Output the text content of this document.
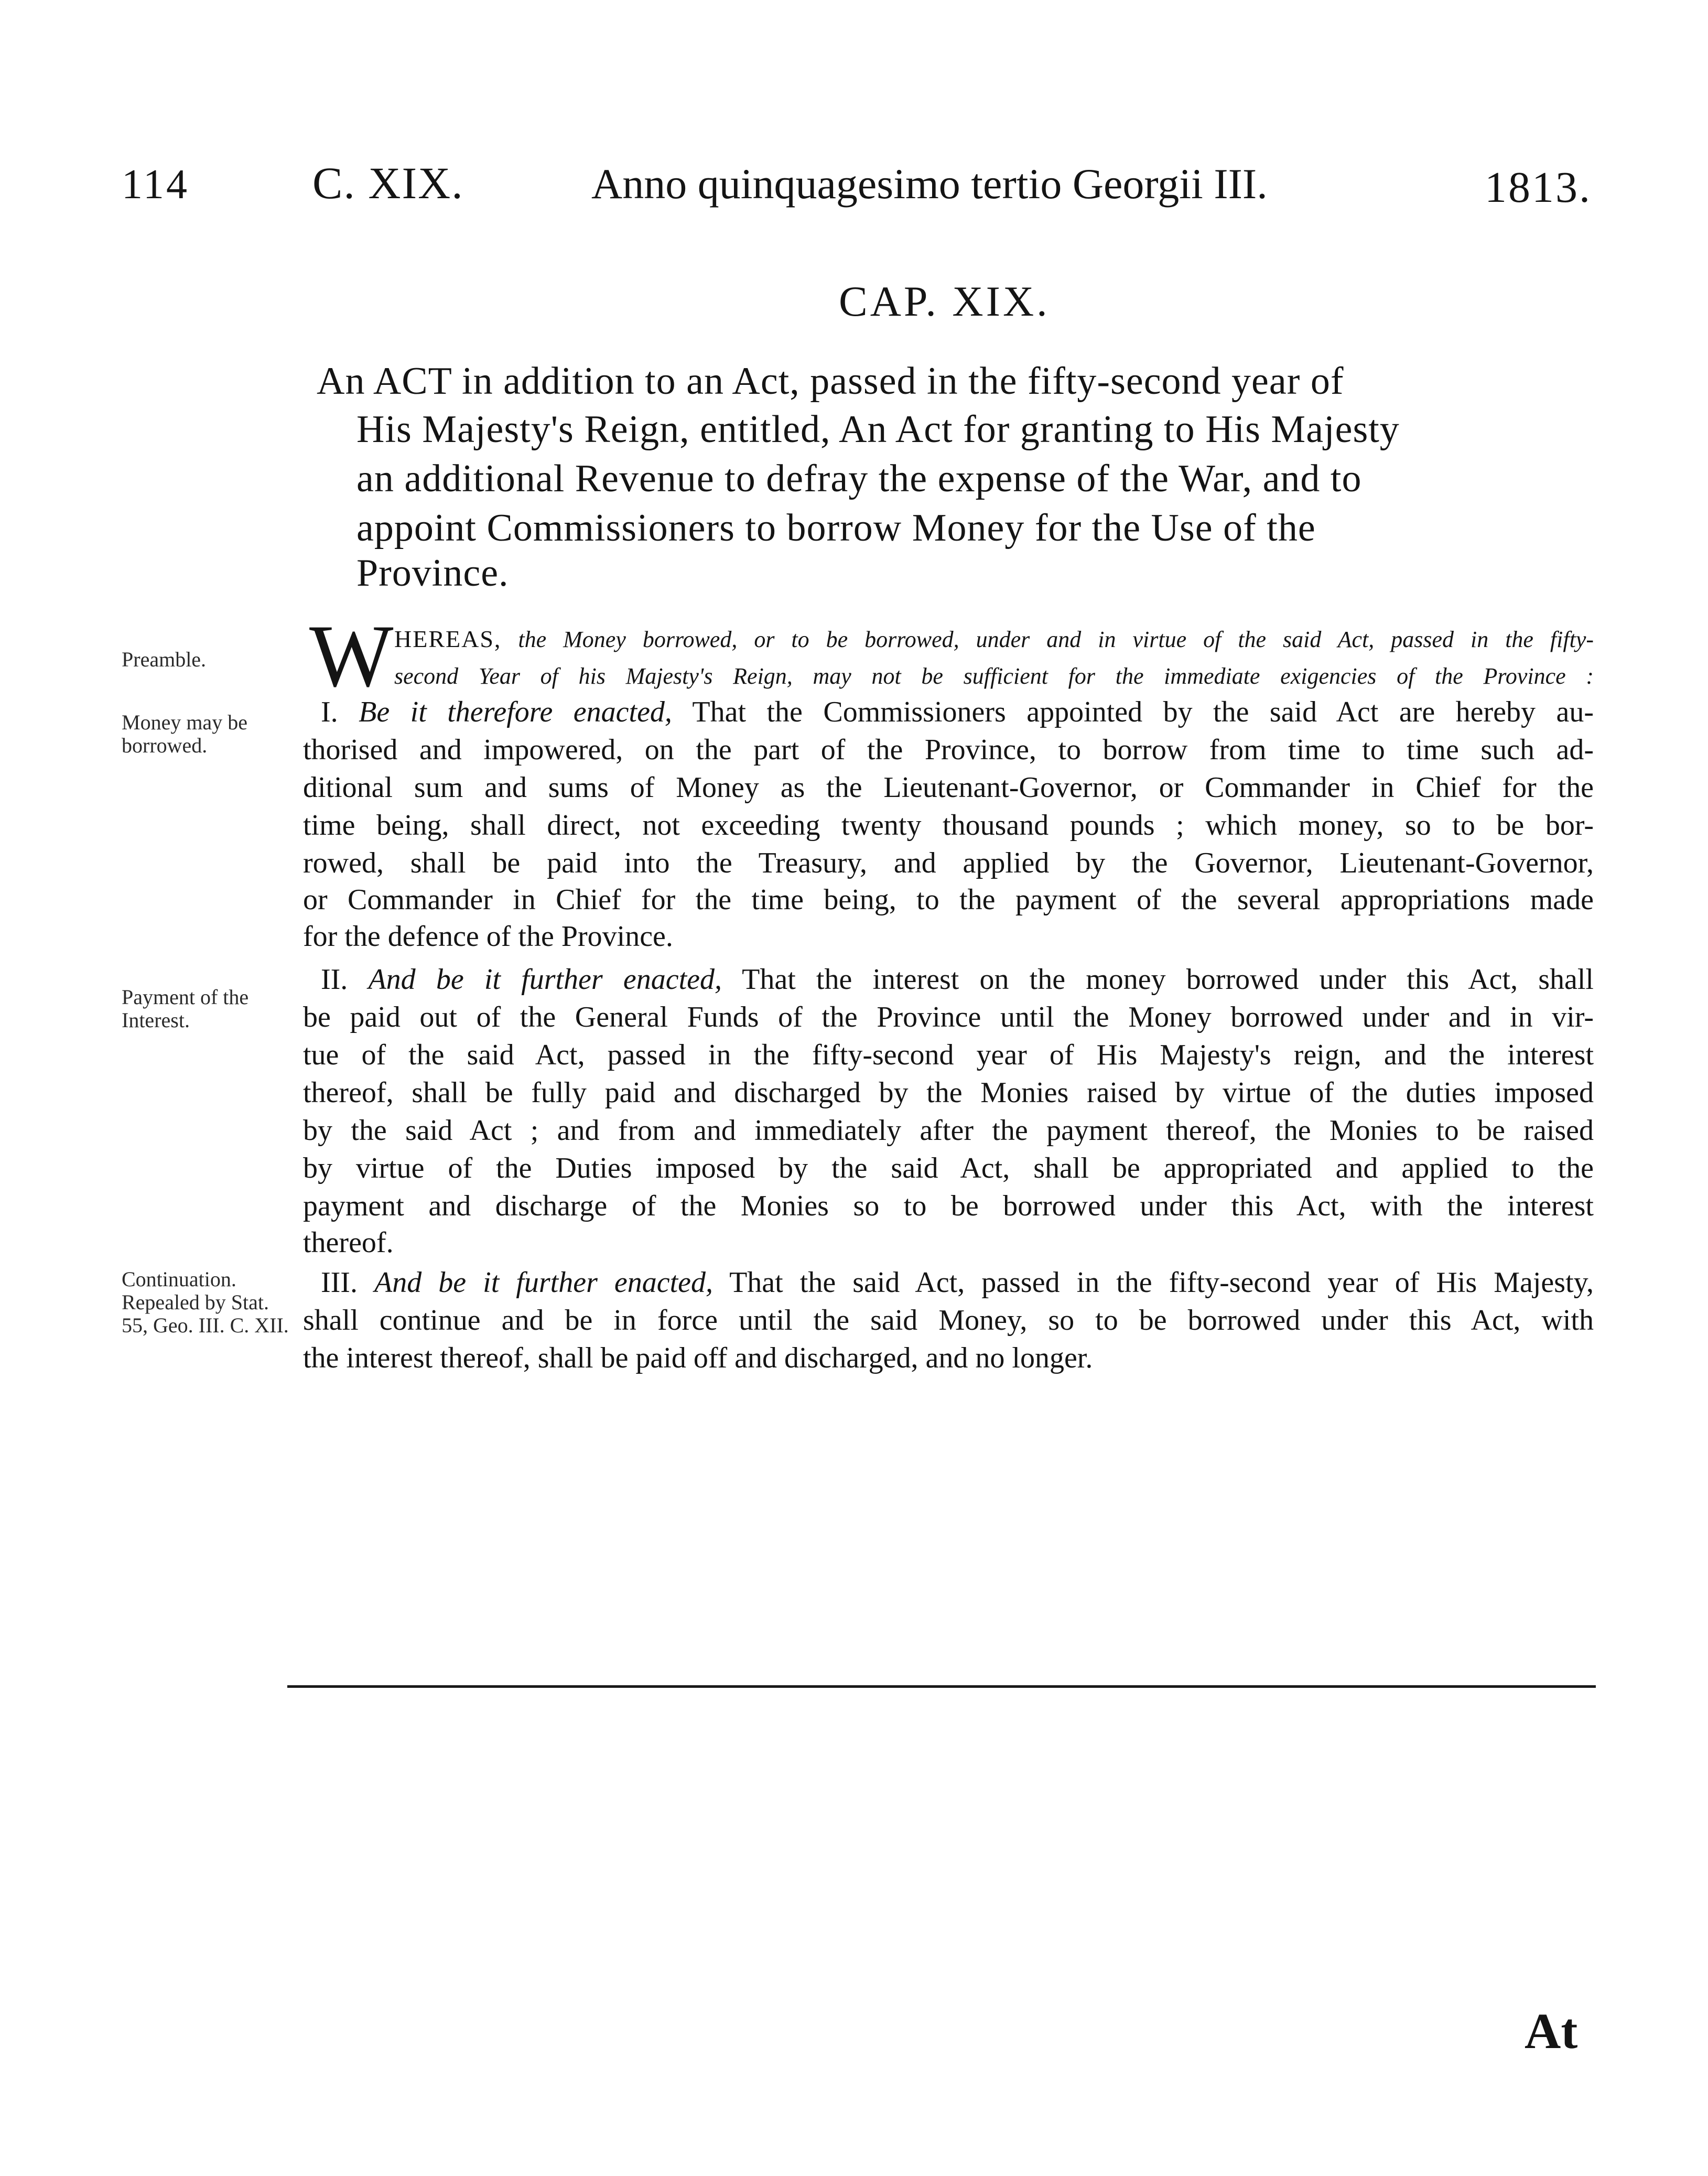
114	C. XIX.	Anno quinquagesimo tertio Georgii III.	1813.
CAP. XIX.
An ACT in addition to an Act, passed in the fifty-second year of
His Majesty's Reign, entitled, An Act for granting to His Majesty
an additional Revenue to defray the expense of the War, and to
appoint Commissioners to borrow Money for the Use of the
Province.
Preamble.
Money may be borrowed.
Payment of the Interest.
Continuation. Repealed by Stat. 55, Geo. III. C. XII.
W HEREAS, the Money borrowed, or to be borrowed, under and in virtue of the said Act, passed in the fifty-
second Year of his Majesty's Reign, may not be sufficient for the immediate exigencies of the Province :
I. Be it therefore enacted, That the Commissioners appointed by the said Act are hereby au-
thorised and impowered, on the part of the Province, to borrow from time to time such ad-
ditional sum and sums of Money as the Lieutenant-Governor, or Commander in Chief for the
time being, shall direct, not exceeding twenty thousand pounds ; which money, so to be bor-
rowed, shall be paid into the Treasury, and applied by the Governor, Lieutenant-Governor,
or Commander in Chief for the time being, to the payment of the several appropriations made
for the defence of the Province.
II. And be it further enacted, That the interest on the money borrowed under this Act, shall
be paid out of the General Funds of the Province until the Money borrowed under and in vir-
tue of the said Act, passed in the fifty-second year of His Majesty's reign, and the interest
thereof, shall be fully paid and discharged by the Monies raised by virtue of the duties imposed
by the said Act ; and from and immediately after the payment thereof, the Monies to be raised
by virtue of the Duties imposed by the said Act, shall be appropriated and applied to the
payment and discharge of the Monies so to be borrowed under this Act, with the interest
thereof.
III. And be it further enacted, That the said Act, passed in the fifty-second year of His Majesty,
shall continue and be in force until the said Money, so to be borrowed under this Act, with
the interest thereof, shall be paid off and discharged, and no longer.
At
